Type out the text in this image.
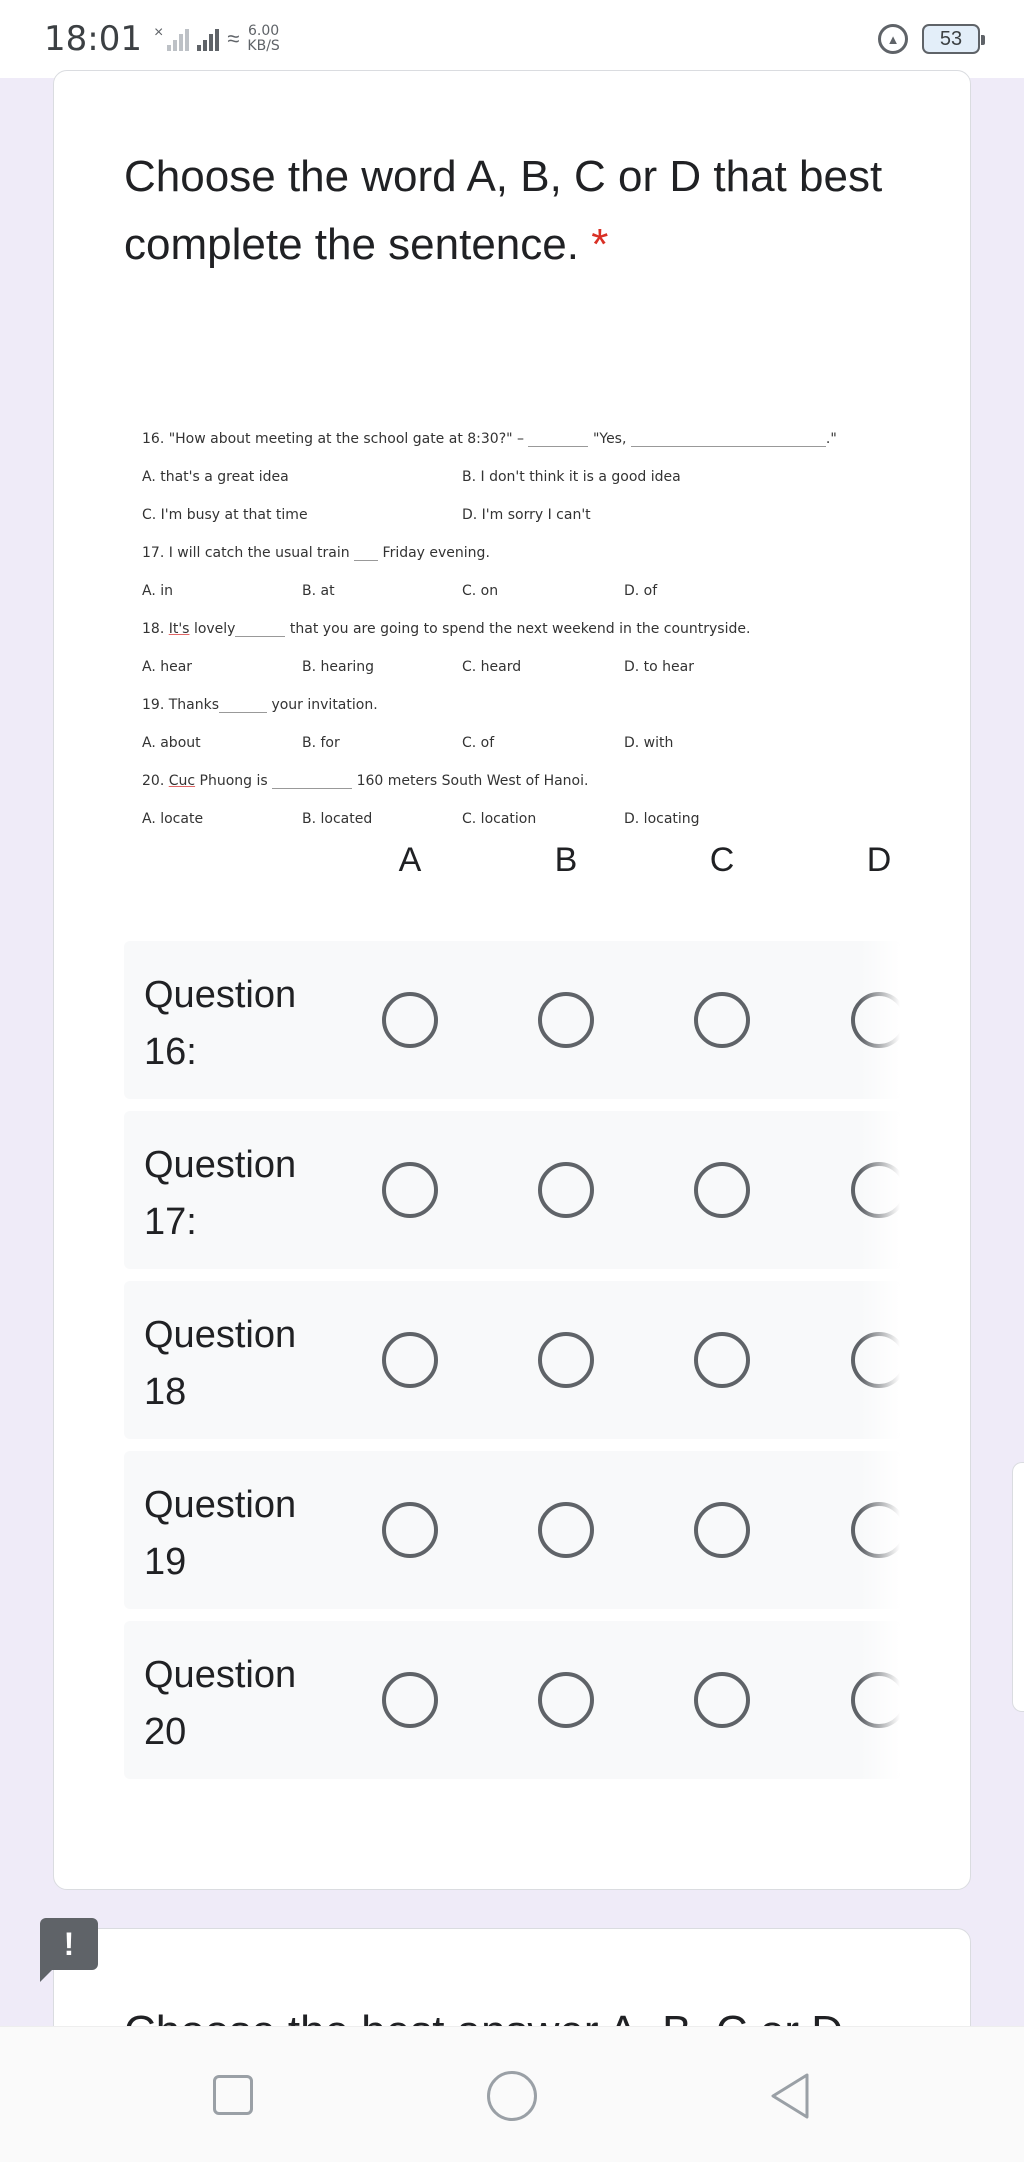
18:01 ×	≈ 6.00
KB/S	▲	53
Choose the word A, B, C or D that best complete the sentence. *
16. "How about meeting at the school gate at 8:30?" –	"Yes,	."
A. that's a great idea	B. I don't think it is a good idea
C. I'm busy at that time	D. I'm sorry I can't
17. I will catch the usual train Friday evening.
A. in	B. at	C. on	D. of
18. It's lovely	that you are going to spend the next weekend in the countryside.
A. hear	B. hearing	C. heard	D. to hear
19. Thanks	your invitation.
A. about	B. for	C. of	D. with
20. Cuc Phuong is	160 meters South West of Hanoi.
A. locate	B. located	C. location	D. locating
A	B	C	D
Question 16:
Question 17:
Question 18
Question 19
Question 20
!
